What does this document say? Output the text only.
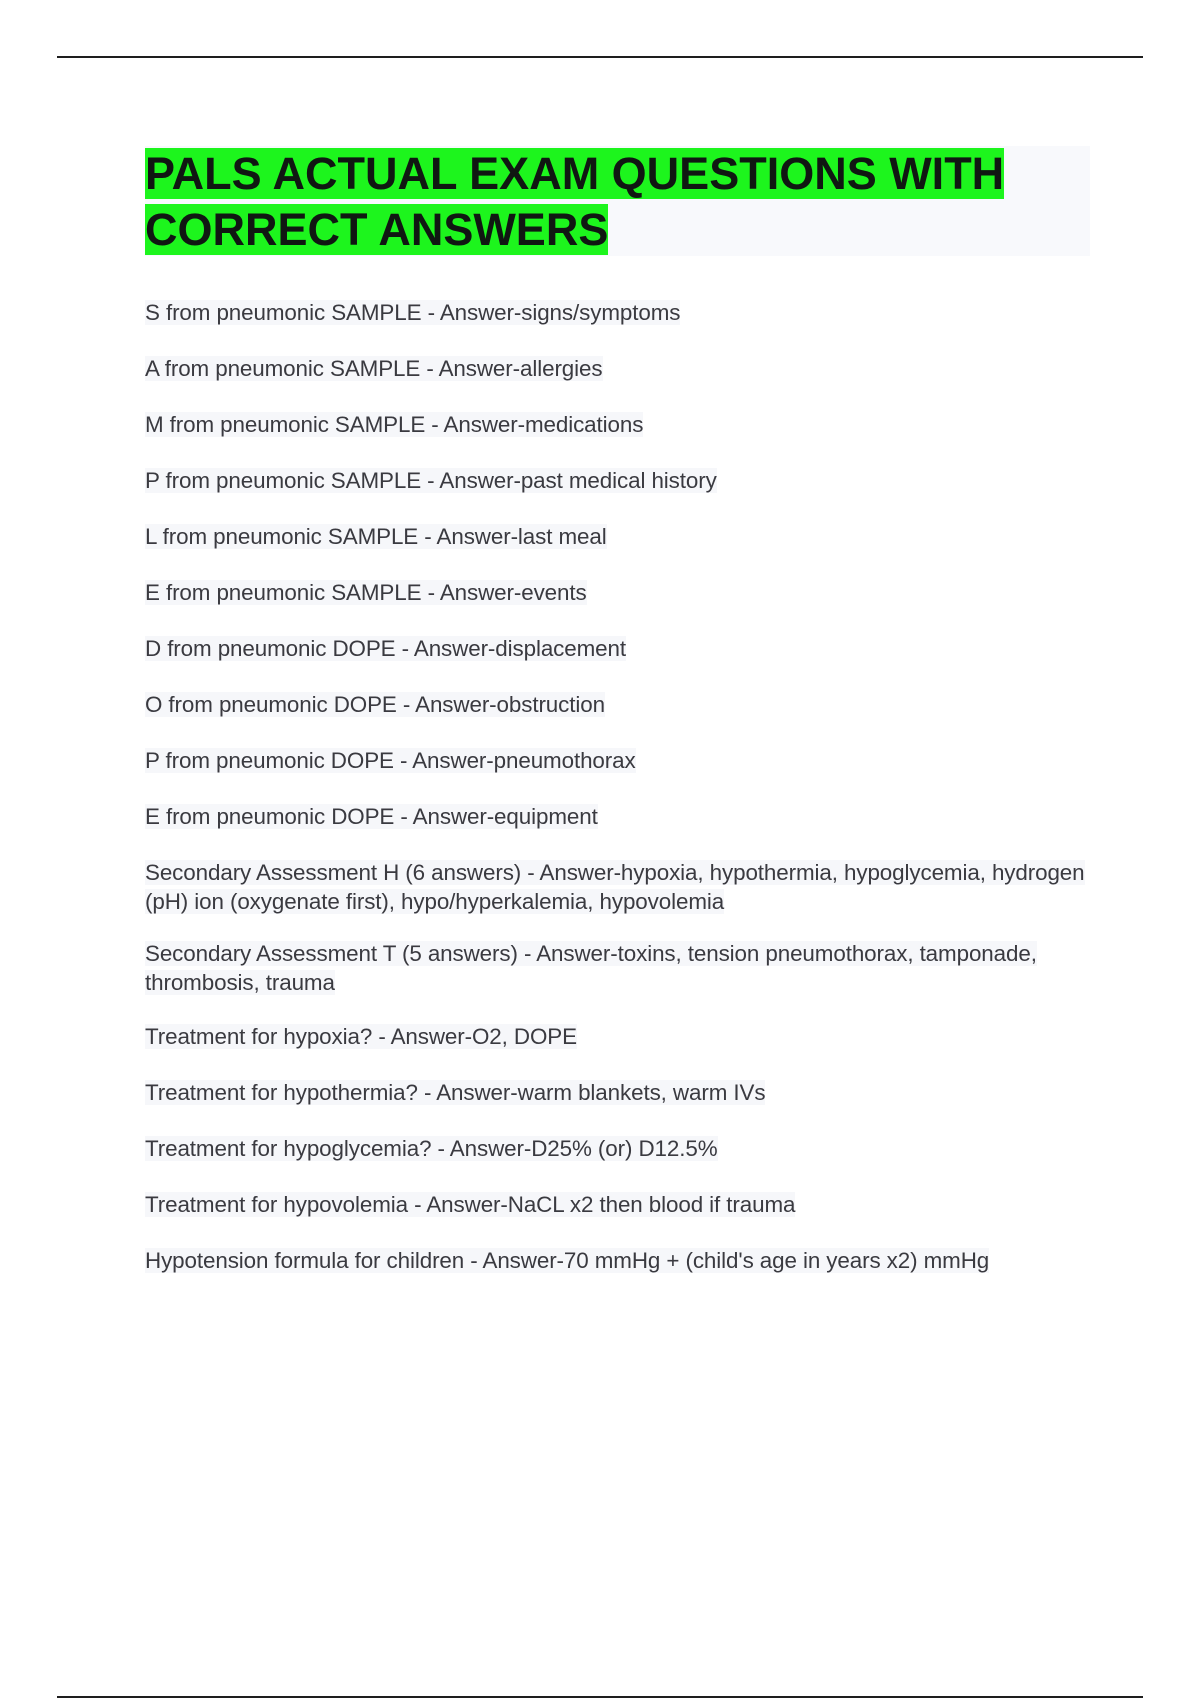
PALS ACTUAL EXAM QUESTIONS WITH CORRECT ANSWERS
S from pneumonic SAMPLE - Answer-signs/symptoms
A from pneumonic SAMPLE - Answer-allergies
M from pneumonic SAMPLE - Answer-medications
P from pneumonic SAMPLE - Answer-past medical history
L from pneumonic SAMPLE - Answer-last meal
E from pneumonic SAMPLE - Answer-events
D from pneumonic DOPE - Answer-displacement
O from pneumonic DOPE - Answer-obstruction
P from pneumonic DOPE - Answer-pneumothorax
E from pneumonic DOPE - Answer-equipment
Secondary Assessment H (6 answers) - Answer-hypoxia, hypothermia, hypoglycemia, hydrogen (pH) ion (oxygenate first), hypo/hyperkalemia, hypovolemia
Secondary Assessment T (5 answers) - Answer-toxins, tension pneumothorax, tamponade, thrombosis, trauma
Treatment for hypoxia? - Answer-O2, DOPE
Treatment for hypothermia? - Answer-warm blankets, warm IVs
Treatment for hypoglycemia? - Answer-D25% (or) D12.5%
Treatment for hypovolemia - Answer-NaCL x2 then blood if trauma
Hypotension formula for children - Answer-70 mmHg + (child's age in years x2) mmHg
